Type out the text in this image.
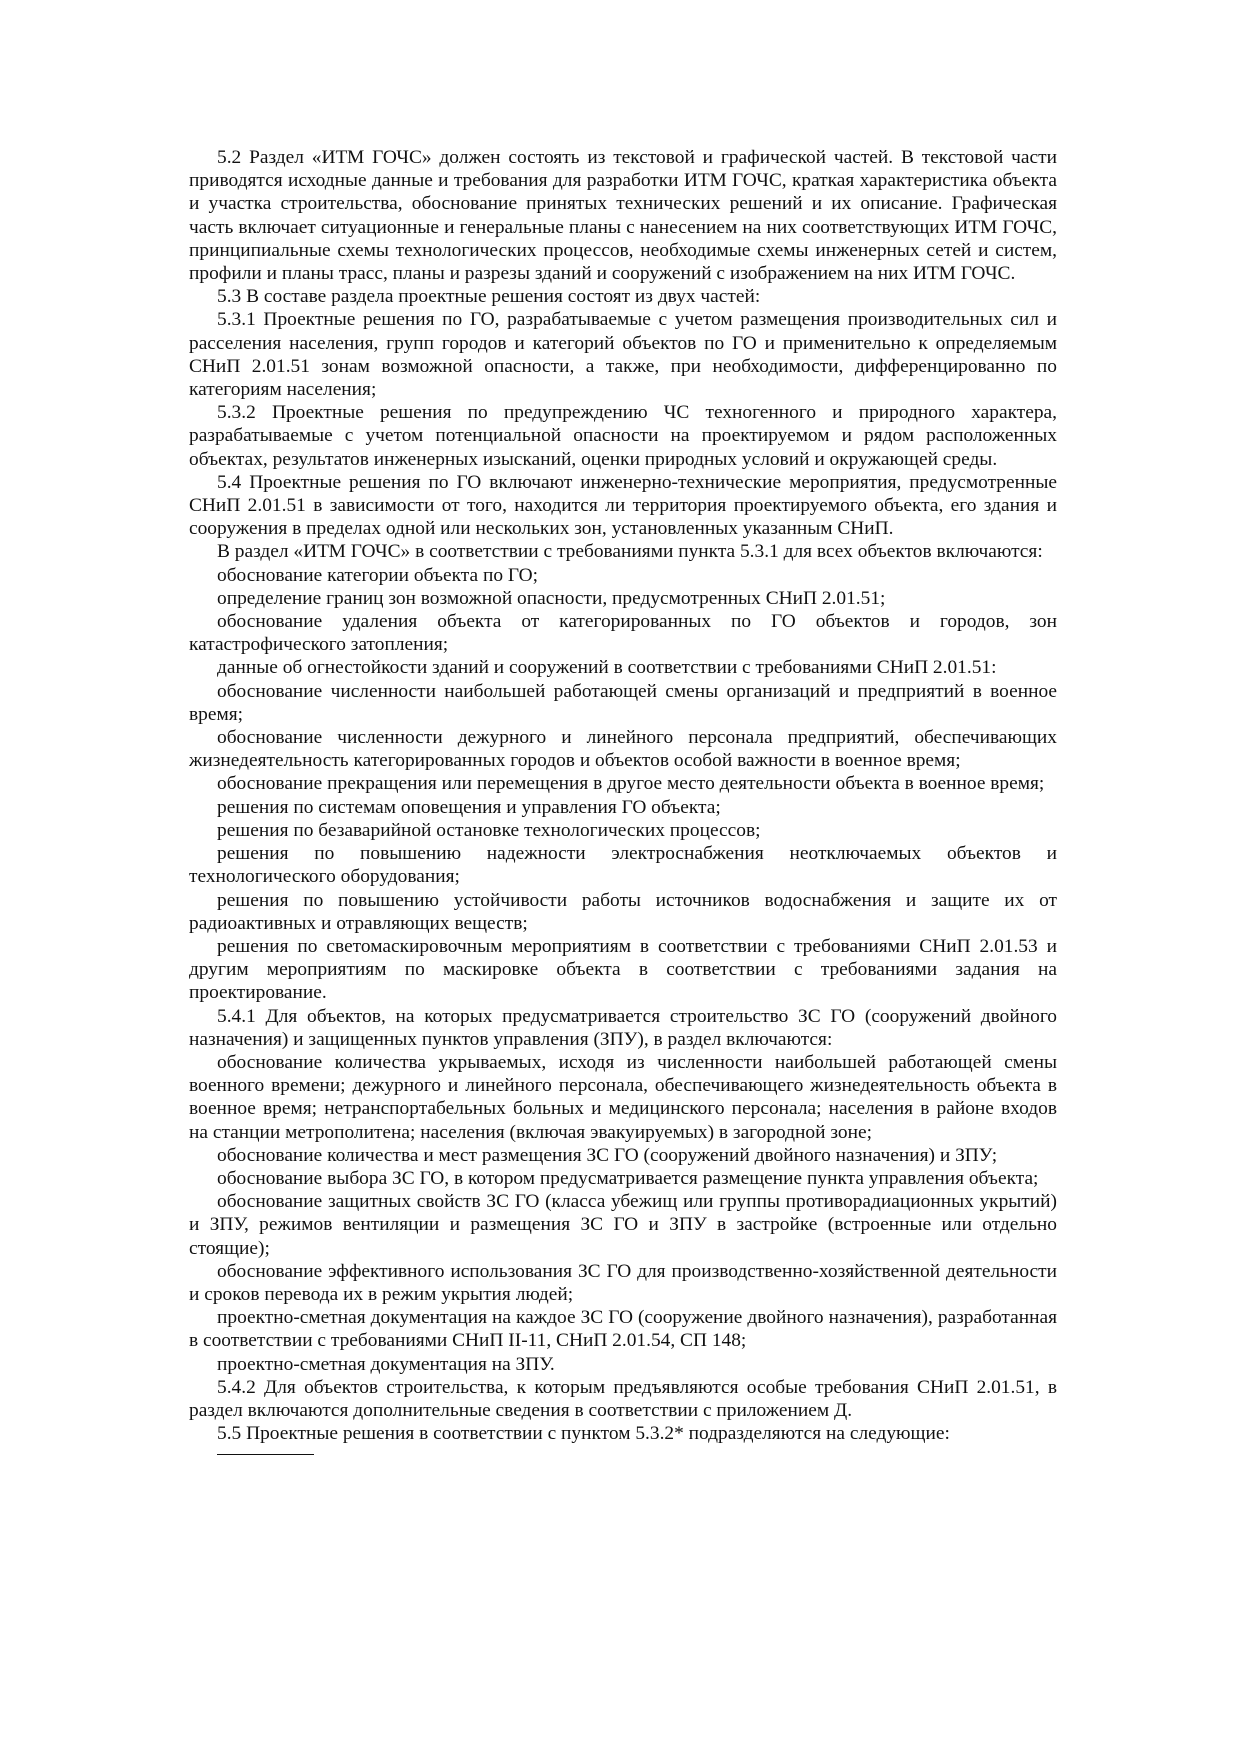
5.2 Раздел «ИТМ ГОЧС» должен состоять из текстовой и графической частей. В текстовой части приводятся исходные данные и требования для разработки ИТМ ГОЧС, краткая характеристика объекта и участка строительства, обоснование принятых технических решений и их описание. Графическая часть включает ситуационные и генеральные планы с нанесением на них соответствующих ИТМ ГОЧС, принципиальные схемы технологических процессов, необходимые схемы инженерных сетей и систем, профили и планы трасс, планы и разрезы зданий и сооружений с изображением на них ИТМ ГОЧС.

5.3 В составе раздела проектные решения состоят из двух частей:

5.3.1 Проектные решения по ГО, разрабатываемые с учетом размещения производительных сил и расселения населения, групп городов и категорий объектов по ГО и применительно к определяемым СНиП 2.01.51 зонам возможной опасности, а также, при необходимости, дифференцированно по категориям населения;

5.3.2 Проектные решения по предупреждению ЧС техногенного и природного характера, разрабатываемые с учетом потенциальной опасности на проектируемом и рядом расположенных объектах, результатов инженерных изысканий, оценки природных условий и окружающей среды.

5.4 Проектные решения по ГО включают инженерно-технические мероприятия, предусмотренные СНиП 2.01.51 в зависимости от того, находится ли территория проектируемого объекта, его здания и сооружения в пределах одной или нескольких зон, установленных указанным СНиП.

В раздел «ИТМ ГОЧС» в соответствии с требованиями пункта 5.3.1 для всех объектов включаются:

обоснование категории объекта по ГО;

определение границ зон возможной опасности, предусмотренных СНиП 2.01.51;

обоснование удаления объекта от категорированных по ГО объектов и городов, зон катастрофического затопления;

данные об огнестойкости зданий и сооружений в соответствии с требованиями СНиП 2.01.51:

обоснование численности наибольшей работающей смены организаций и предприятий в военное время;

обоснование численности дежурного и линейного персонала предприятий, обеспечивающих жизнедеятельность категорированных городов и объектов особой важности в военное время;

обоснование прекращения или перемещения в другое место деятельности объекта в военное время;

решения по системам оповещения и управления ГО объекта;

решения по безаварийной остановке технологических процессов;

решения по повышению надежности электроснабжения неотключаемых объектов и технологического оборудования;

решения по повышению устойчивости работы источников водоснабжения и защите их от радиоактивных и отравляющих веществ;

решения по светомаскировочным мероприятиям в соответствии с требованиями СНиП 2.01.53 и другим мероприятиям по маскировке объекта в соответствии с требованиями задания на проектирование.

5.4.1 Для объектов, на которых предусматривается строительство ЗС ГО (сооружений двойного назначения) и защищенных пунктов управления (ЗПУ), в раздел включаются:

обоснование количества укрываемых, исходя из численности наибольшей работающей смены военного времени; дежурного и линейного персонала, обеспечивающего жизнедеятельность объекта в военное время; нетранспортабельных больных и медицинского персонала; населения в районе входов на станции метрополитена; населения (включая эвакуируемых) в загородной зоне;

обоснование количества и мест размещения ЗС ГО (сооружений двойного назначения) и ЗПУ;

обоснование выбора ЗС ГО, в котором предусматривается размещение пункта управления объекта;

обоснование защитных свойств ЗС ГО (класса убежищ или группы противорадиационных укрытий) и ЗПУ, режимов вентиляции и размещения ЗС ГО и ЗПУ в застройке (встроенные или отдельно стоящие);

обоснование эффективного использования ЗС ГО для производственно-хозяйственной деятельности и сроков перевода их в режим укрытия людей;

проектно-сметная документация на каждое ЗС ГО (сооружение двойного назначения), разработанная в соответствии с требованиями СНиП II-11, СНиП 2.01.54, СП 148;

проектно-сметная документация на ЗПУ.

5.4.2 Для объектов строительства, к которым предъявляются особые требования СНиП 2.01.51, в раздел включаются дополнительные сведения в соответствии с приложением Д.

5.5 Проектные решения в соответствии с пунктом 5.3.2* подразделяются на следующие:
